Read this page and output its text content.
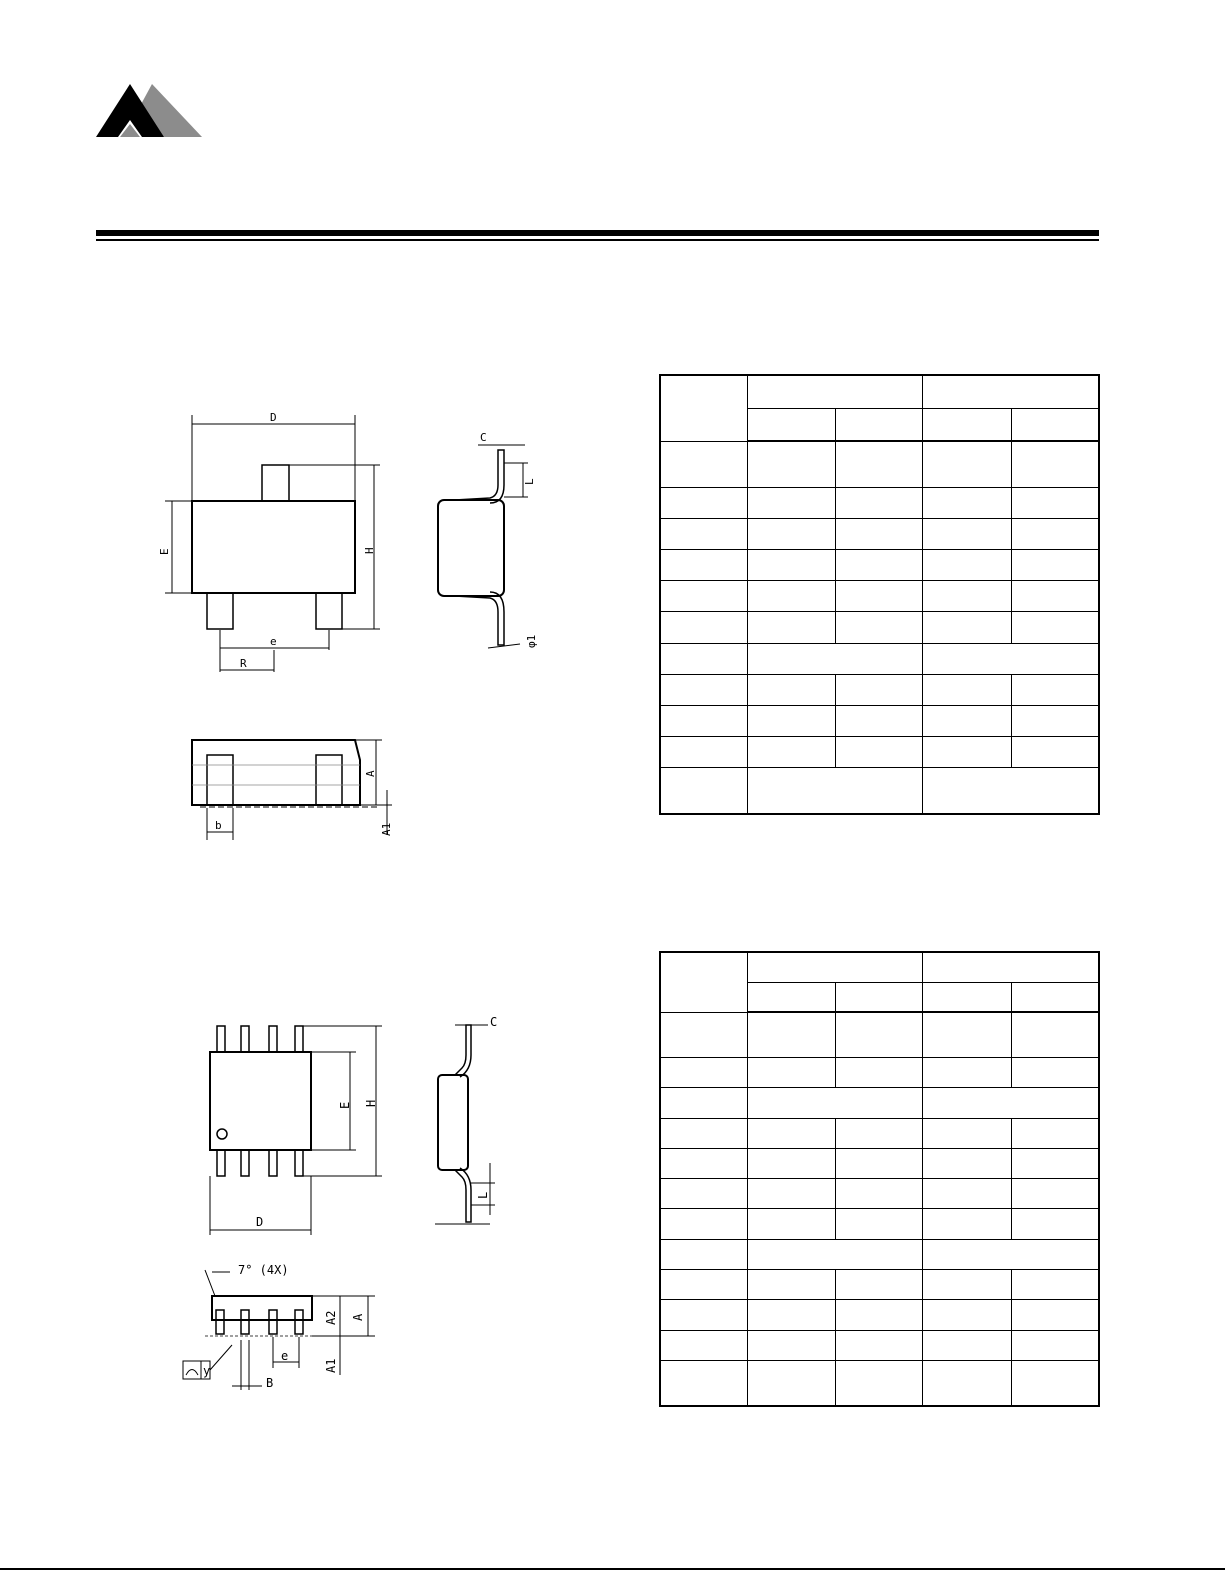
D
E	H
e
R
C
L
φ1
A
A1
b

E H
D
C
L
7° (4X)
A
A2
A1
e
B
y
